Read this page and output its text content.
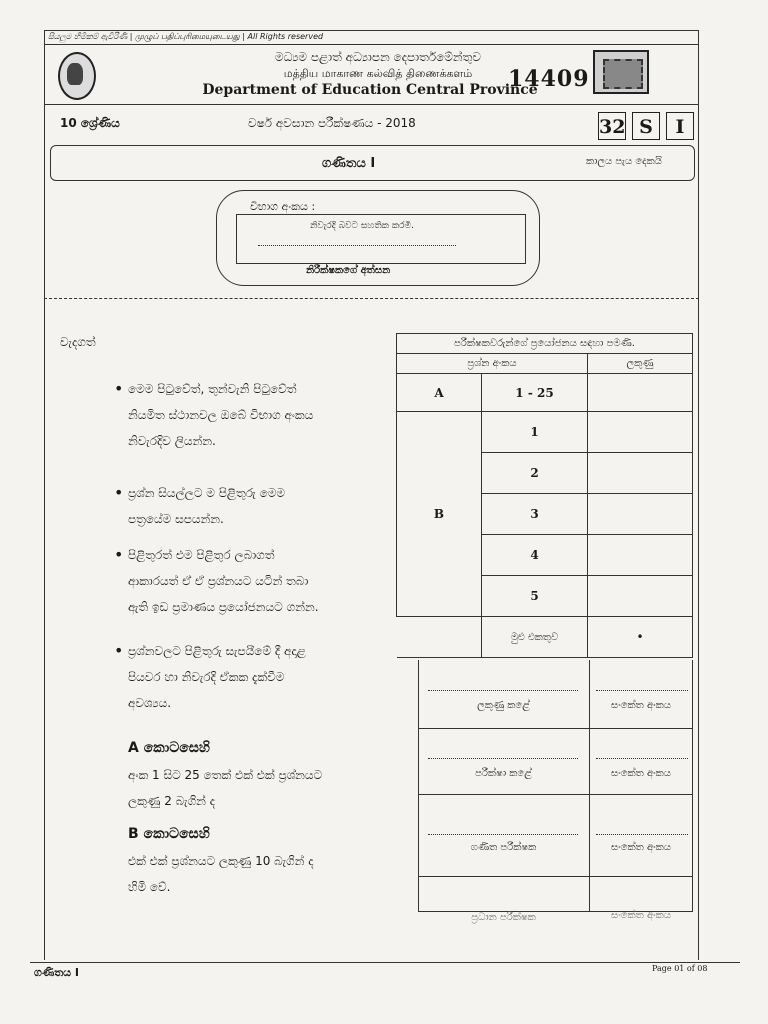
සියලුම හිමිකම් ඇවිරිණි | முழுப் பதிப்புரிமையுடையது | All Rights reserved
මධ්‍යම පළාත් අධ්‍යාපන දෙපාර්තමේන්තුව
மத்திய மாகாண கல்வித் திணைக்களம்
Department of Education Central Province
14409
10 ශ්‍රේණිය	වර්ෂ අවසාන පරීක්ෂණය - 2018	32 S	I
ගණිතය I	කාලය පැය දෙකයි
විභාග අංකය :
නිවැරදි බවට සහතික කරමි.
නිරීක්ෂකගේ අත්සන
වැදගත්
• මෙම පිටුවේත්, තුන්වැනි පිටුවේත්

නියමිත ස්ථානවල ඔබේ විභාග අංකය

නිවැරදිව ලියන්න.

• ප්‍රශ්න සියල්ලට ම පිළිතුරු මෙම

පත්‍රයේම සපයන්න.

• පිළිතුරත් එම පිළිතුර ලබාගත්

ආකාරයත් ඒ ඒ ප්‍රශ්නයට යටින් තබා

ඇති ඉඩ ප්‍රමාණය ප්‍රයෝජනයට ගන්න.

• ප්‍රශ්නවලට පිළිතුරු සැපයීමේ දී අදාළ

පියවර හා නිවැරදි ඒකක දැක්වීම

අවශ්‍යය.

A කොටසෙහි

අංක 1 සිට 25 තෙක් එක් එක් ප්‍රශ්නයට

ලකුණු 2 බැගින් ද

B කොටසෙහි

එක් එක් ප්‍රශ්නයට ලකුණු 10 බැගින් ද

හිමි වේ.

පරීක්ෂකවරුන්ගේ ප්‍රයෝජනය සඳහා පමණි.		
ප්‍රශ්න අංකය		ලකුණු
A	1 - 25	
B	1	
	2	
	3	
	4	
	5	
	මුළු එකතුව	•
ලකුණු කළේ	සංකේත අංකය
පරීක්ෂා කළේ	සංකේත අංකය
ගණිත පරීක්ෂක	සංකේත අංකය
ප්‍රධාන පරීක්ෂක	සංකේත අංකය
ගණිතය I	Page 01 of 08
